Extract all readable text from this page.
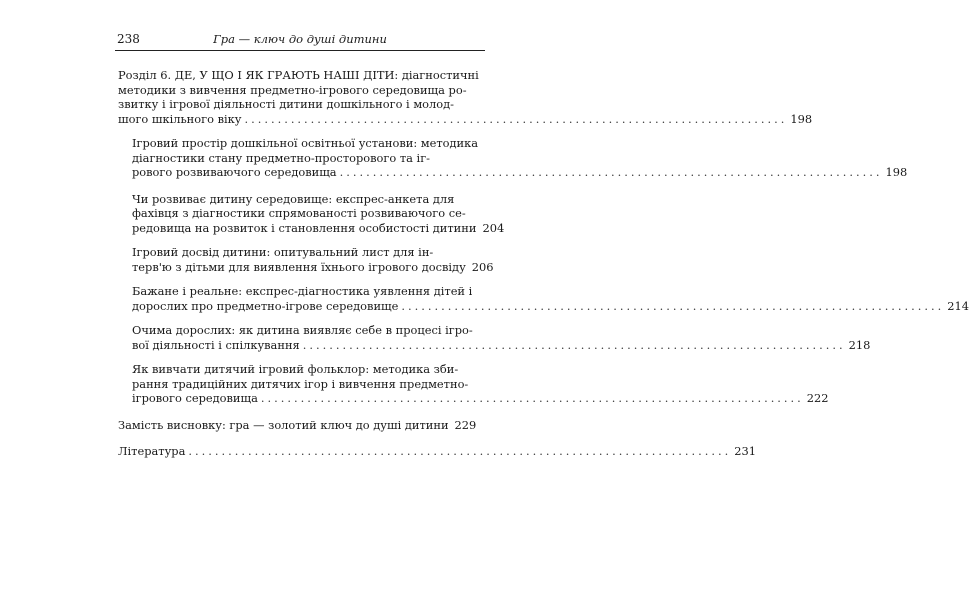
238	Гра — ключ до душі дитини
Розділ 6. ДЕ, У ЩО І ЯК ГРАЮТЬ НАШІ ДІТИ: діагностичні
методики з вивчення предметно-ігрового середовища ро-
звитку і ігрової діяльності дитини дошкільного і молод-
шого шкільного віку .................................................................................. 198
Ігровий простір дошкільної освітньої установи: методика
діагностики стану предметно-просторового та іг-
рового розвиваючого середовища .................................................................................. 198
Чи розвиває дитину середовище: експрес-анкета для
фахівця з діагностики спрямованості розвиваючого се-
редовища на розвиток і становлення особистості дитини 204
Ігровий досвід дитини: опитувальний лист для ін-
терв'ю з дітьми для виявлення їхнього ігрового досвіду 206
Бажане і реальне: експрес-діагностика уявлення дітей і
дорослих про предметно-ігрове середовище .................................................................................. 214
Очима дорослих: як дитина виявляє себе в процесі ігро-
вої діяльності і спілкування .................................................................................. 218
Як вивчати дитячий ігровий фольклор: методика зби-
рання традиційних дитячих ігор і вивчення предметно-
ігрового середовища .................................................................................. 222
Замість висновку: гра — золотий ключ до душі дитини 229
Література .................................................................................. 231
